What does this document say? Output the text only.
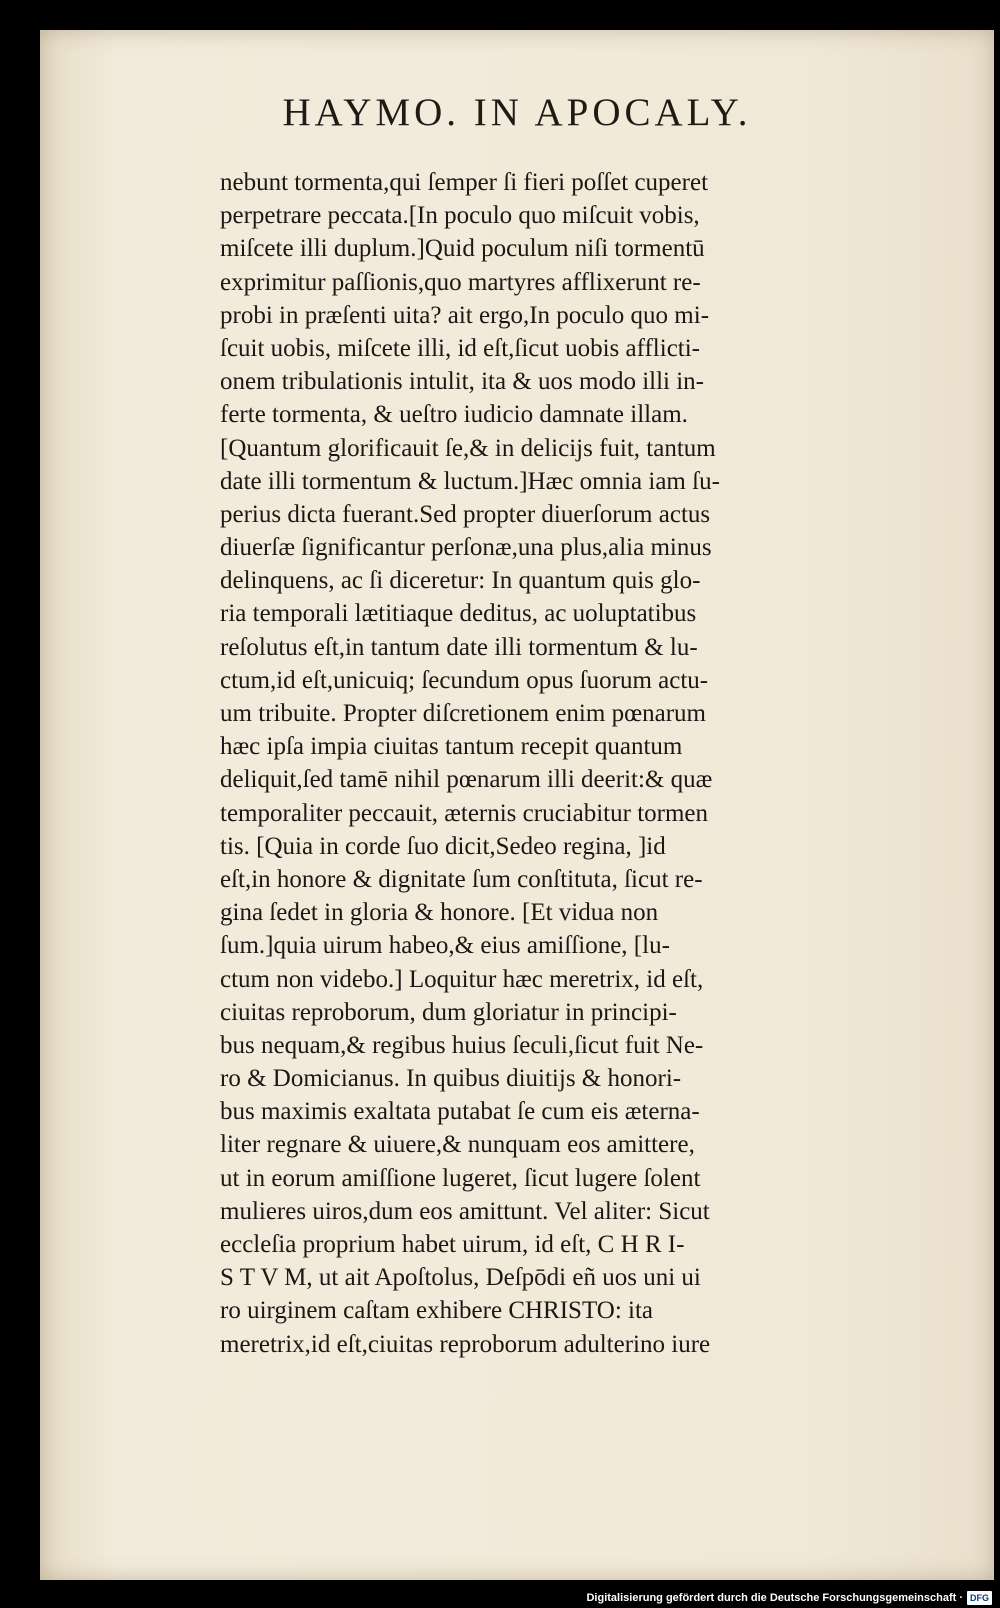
HAYMO. IN APOCALY.
nebunt tormenta,qui ſemper ſi fieri poſſet cuperet
perpetrare peccata.[In poculo quo miſcuit vobis,
miſcete illi duplum.]Quid poculum niſi tormentū
exprimitur paſſionis,quo martyres afflixerunt re-
probi in præſenti uita? ait ergo,In poculo quo mi-
ſcuit uobis, miſcete illi, id eſt,ſicut uobis afflicti-
onem tribulationis intulit, ita & uos modo illi in-
ferte tormenta, & ueſtro iudicio damnate illam.
[Quantum glorificauit ſe,& in delicijs fuit, tantum
date illi tormentum & luctum.]Hæc omnia iam ſu-
perius dicta fuerant.Sed propter diuerſorum actus
diuerſæ ſignificantur perſonæ,una plus,alia minus
delinquens, ac ſi diceretur: In quantum quis glo-
ria temporali lætitiaque deditus, ac uoluptatibus
reſolutus eſt,in tantum date illi tormentum & lu-
ctum,id eſt,unicuiq; ſecundum opus ſuorum actu-
um tribuite. Propter diſcretionem enim pœnarum
hæc ipſa impia ciuitas tantum recepit quantum
deliquit,ſed tamē nihil pœnarum illi deerit:& quæ
temporaliter peccauit, æternis cruciabitur tormen
tis. [Quia in corde ſuo dicit,Sedeo regina, ]id
eſt,in honore & dignitate ſum conſtituta, ſicut re-
gina ſedet in gloria & honore. [Et vidua non
ſum.]quia uirum habeo,& eius amiſſione, [lu-
ctum non videbo.] Loquitur hæc meretrix, id eſt,
ciuitas reproborum, dum gloriatur in principi-
bus nequam,& regibus huius ſeculi,ſicut fuit Ne-
ro & Domicianus. In quibus diuitijs & honori-
bus maximis exaltata putabat ſe cum eis æterna-
liter regnare & uiuere,& nunquam eos amittere,
ut in eorum amiſſione lugeret, ſicut lugere ſolent
mulieres uiros,dum eos amittunt. Vel aliter: Sicut
eccleſia proprium habet uirum, id eſt, C H R I-
S T V M, ut ait Apoſtolus, Deſpōdi eñ uos uni ui
ro uirginem caſtam exhibere CHRISTO: ita
meretrix,id eſt,ciuitas reproborum adulterino iure
Digitalisierung gefördert durch die Deutsche Forschungsgemeinschaft · DFG
